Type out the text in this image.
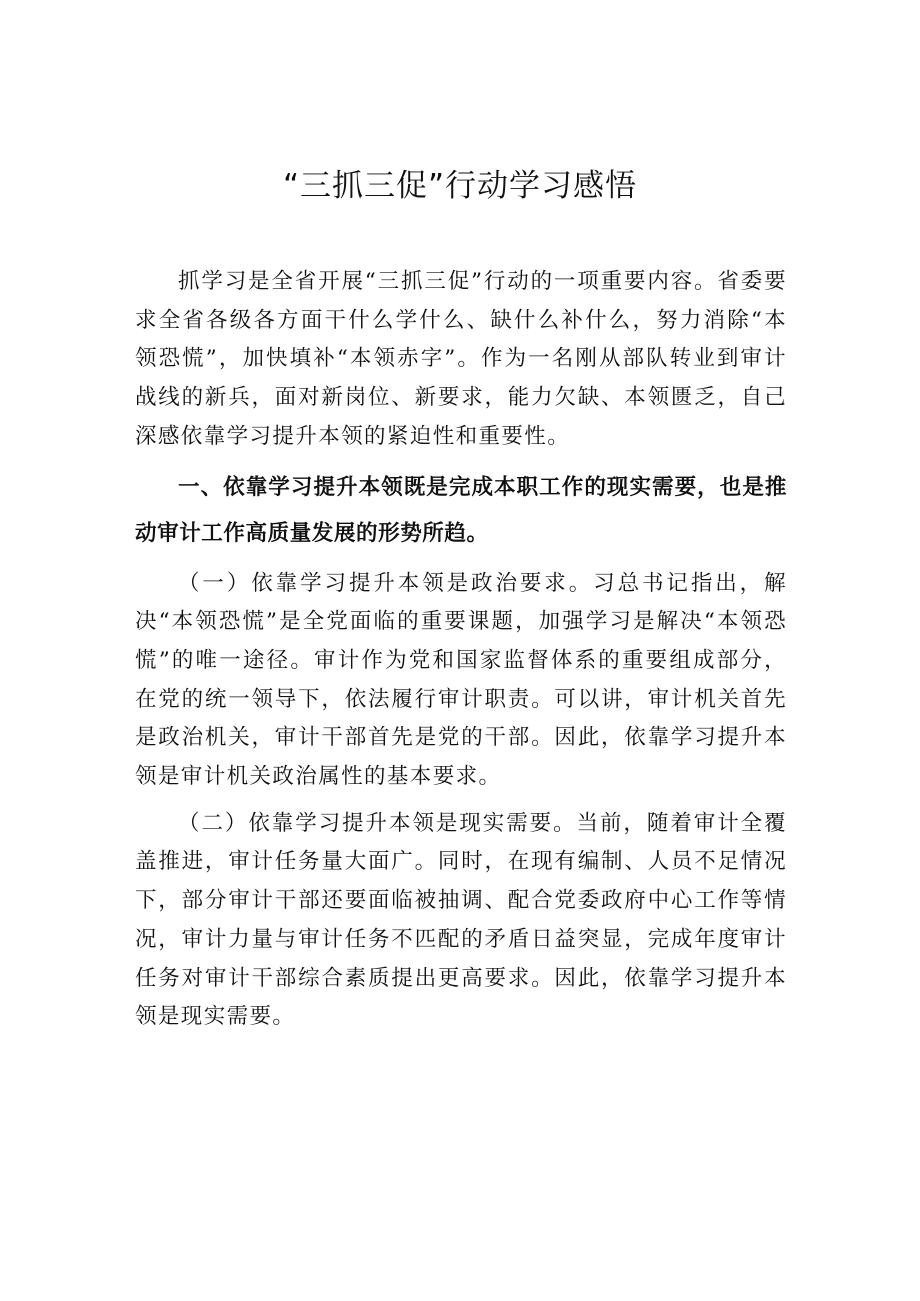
“三抓三促”行动学习感悟

抓学习是全省开展“三抓三促”行动的一项重要内容。省委要求全省各级各方面干什么学什么、缺什么补什么，努力消除“本领恐慌”，加快填补“本领赤字”。作为一名刚从部队转业到审计战线的新兵，面对新岗位、新要求，能力欠缺、本领匮乏，自己深感依靠学习提升本领的紧迫性和重要性。

一、依靠学习提升本领既是完成本职工作的现实需要，也是推动审计工作高质量发展的形势所趋。

（一）依靠学习提升本领是政治要求。习总书记指出，解决“本领恐慌”是全党面临的重要课题，加强学习是解决“本领恐慌”的唯一途径。审计作为党和国家监督体系的重要组成部分，在党的统一领导下，依法履行审计职责。可以讲，审计机关首先是政治机关，审计干部首先是党的干部。因此，依靠学习提升本领是审计机关政治属性的基本要求。

（二）依靠学习提升本领是现实需要。当前，随着审计全覆盖推进，审计任务量大面广。同时，在现有编制、人员不足情况下，部分审计干部还要面临被抽调、配合党委政府中心工作等情况，审计力量与审计任务不匹配的矛盾日益突显，完成年度审计任务对审计干部综合素质提出更高要求。因此，依靠学习提升本领是现实需要。
